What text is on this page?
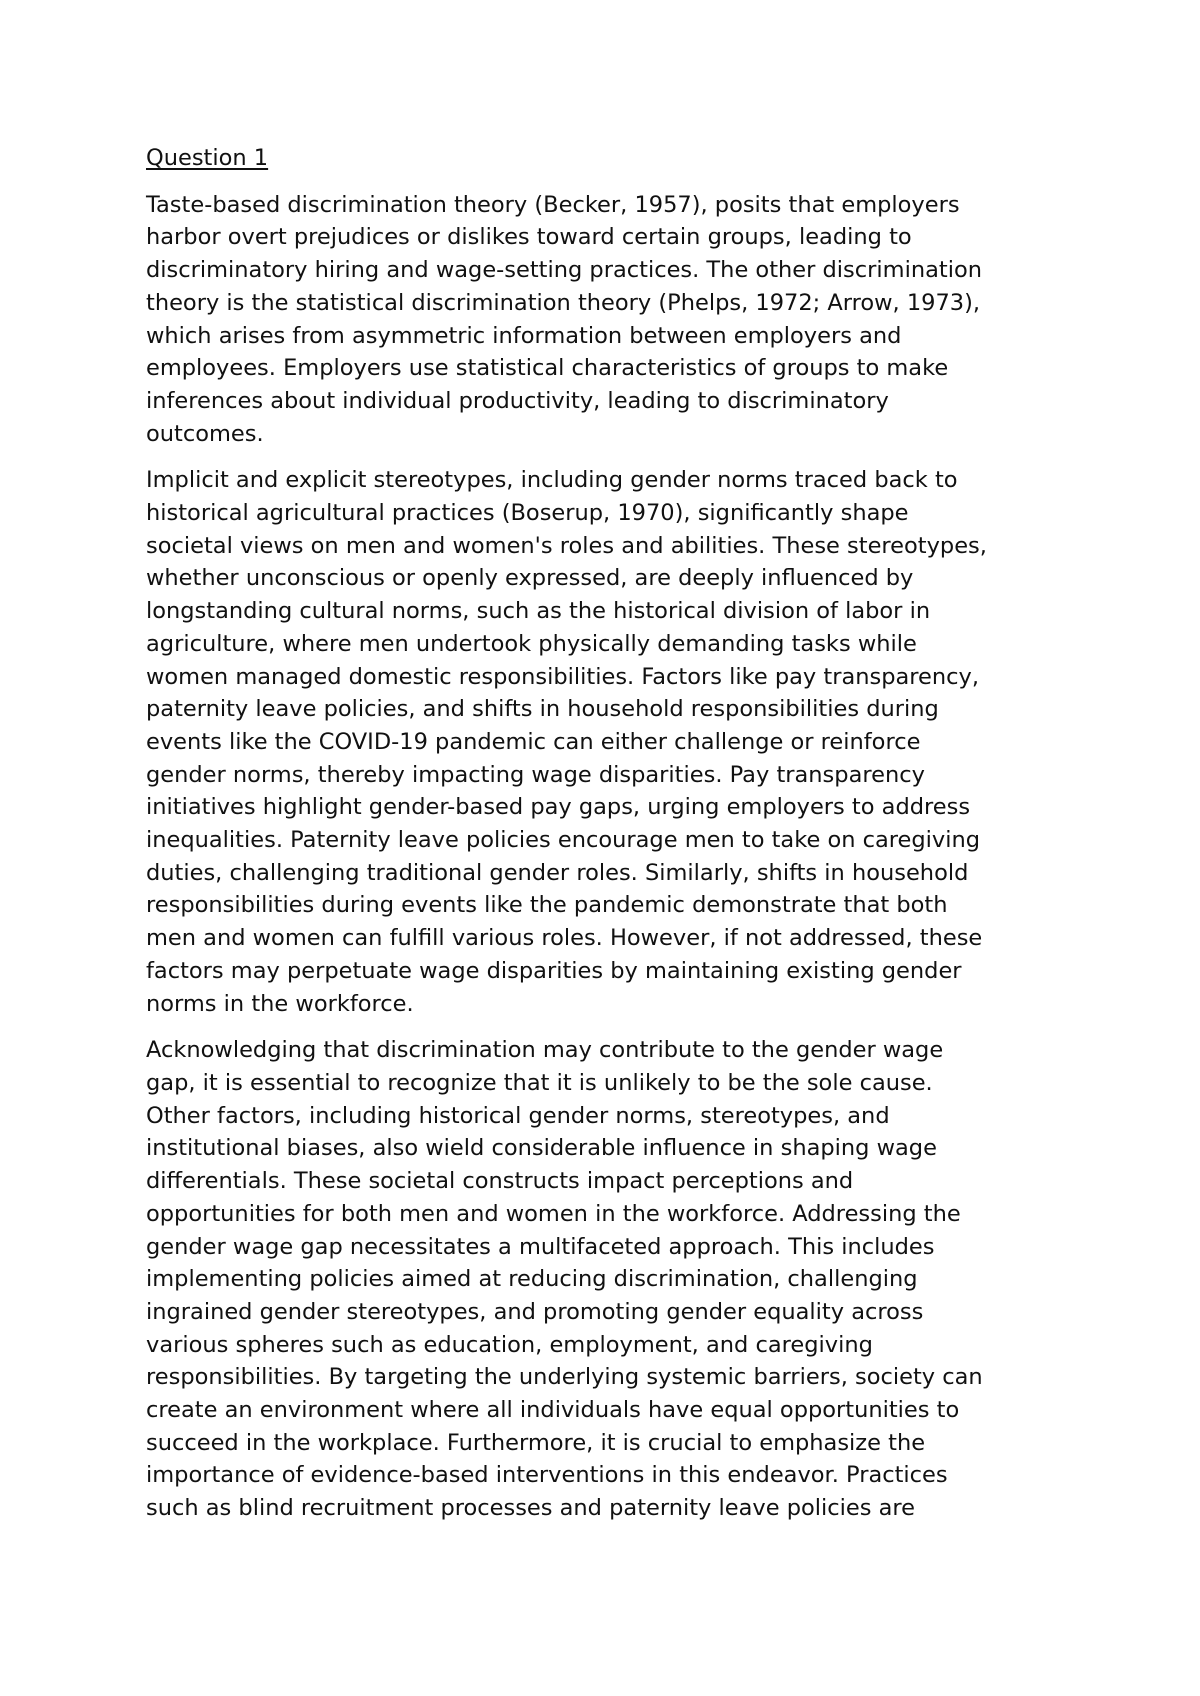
Question 1
Taste-based discrimination theory (Becker, 1957), posits that employers
harbor overt prejudices or dislikes toward certain groups, leading to
discriminatory hiring and wage-setting practices. The other discrimination
theory is the statistical discrimination theory (Phelps, 1972; Arrow, 1973),
which arises from asymmetric information between employers and
employees. Employers use statistical characteristics of groups to make
inferences about individual productivity, leading to discriminatory
outcomes.
Implicit and explicit stereotypes, including gender norms traced back to
historical agricultural practices (Boserup, 1970), significantly shape
societal views on men and women's roles and abilities. These stereotypes,
whether unconscious or openly expressed, are deeply influenced by
longstanding cultural norms, such as the historical division of labor in
agriculture, where men undertook physically demanding tasks while
women managed domestic responsibilities. Factors like pay transparency,
paternity leave policies, and shifts in household responsibilities during
events like the COVID-19 pandemic can either challenge or reinforce
gender norms, thereby impacting wage disparities. Pay transparency
initiatives highlight gender-based pay gaps, urging employers to address
inequalities. Paternity leave policies encourage men to take on caregiving
duties, challenging traditional gender roles. Similarly, shifts in household
responsibilities during events like the pandemic demonstrate that both
men and women can fulfill various roles. However, if not addressed, these
factors may perpetuate wage disparities by maintaining existing gender
norms in the workforce.
Acknowledging that discrimination may contribute to the gender wage
gap, it is essential to recognize that it is unlikely to be the sole cause.
Other factors, including historical gender norms, stereotypes, and
institutional biases, also wield considerable influence in shaping wage
differentials. These societal constructs impact perceptions and
opportunities for both men and women in the workforce. Addressing the
gender wage gap necessitates a multifaceted approach. This includes
implementing policies aimed at reducing discrimination, challenging
ingrained gender stereotypes, and promoting gender equality across
various spheres such as education, employment, and caregiving
responsibilities. By targeting the underlying systemic barriers, society can
create an environment where all individuals have equal opportunities to
succeed in the workplace. Furthermore, it is crucial to emphasize the
importance of evidence-based interventions in this endeavor. Practices
such as blind recruitment processes and paternity leave policies are
